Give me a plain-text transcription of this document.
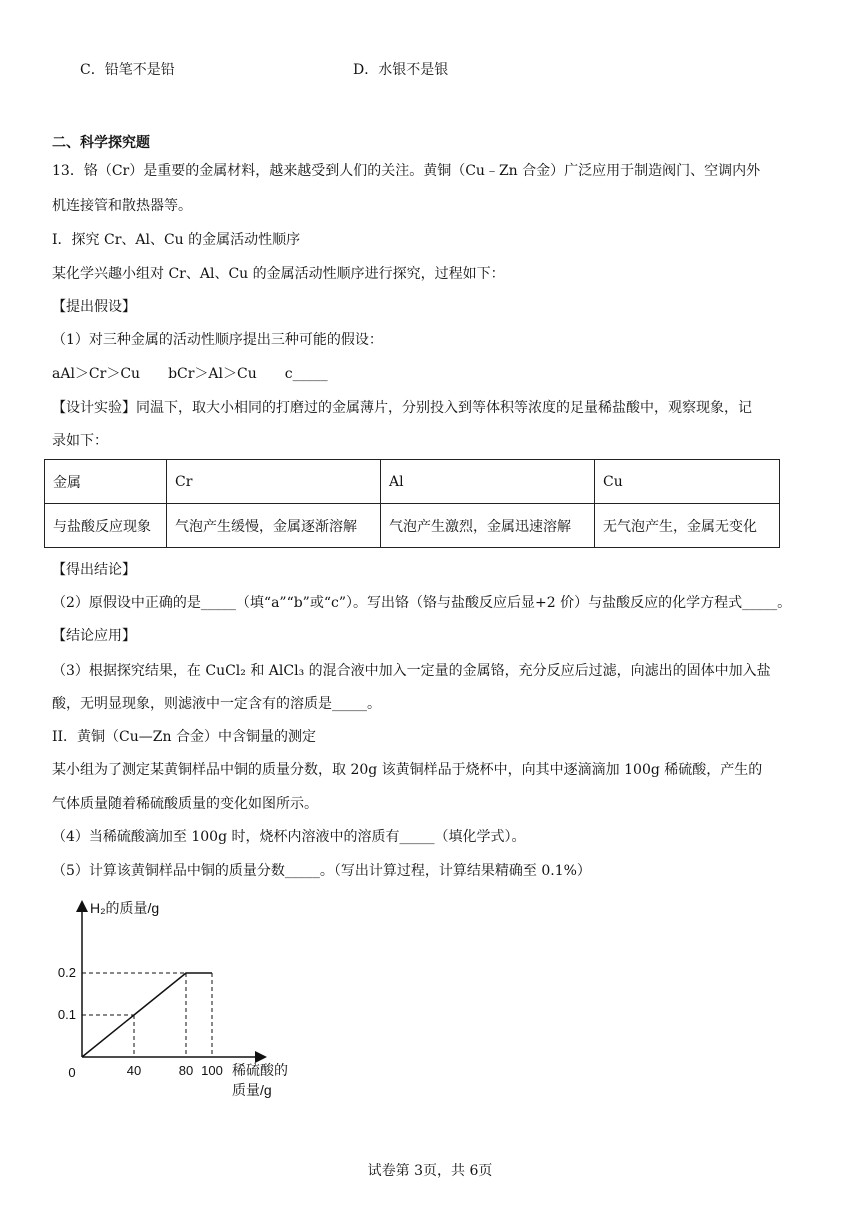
C．铅笔不是铅	D．水银不是银
二、科学探究题
13．铬（Cr）是重要的金属材料，越来越受到人们的关注。黄铜（Cu﹣Zn 合金）广泛应用于制造阀门、空调内外
机连接管和散热器等。
I．探究 Cr、Al、Cu 的金属活动性顺序
某化学兴趣小组对 Cr、Al、Cu 的金属活动性顺序进行探究，过程如下：
【提出假设】
（1）对三种金属的活动性顺序提出三种可能的假设：
aAl＞Cr＞Cu　　bCr＞Al＞Cu　　c_____
【设计实验】同温下，取大小相同的打磨过的金属薄片，分别投入到等体积等浓度的足量稀盐酸中，观察现象，记
录如下：
金属	Cr	Al	Cu
与盐酸反应现象	气泡产生缓慢，金属逐渐溶解	气泡产生激烈，金属迅速溶解	无气泡产生，金属无变化
【得出结论】
（2）原假设中正确的是_____（填“a”“b”或“c”）。写出铬（铬与盐酸反应后显+2 价）与盐酸反应的化学方程式_____。
【结论应用】
（3）根据探究结果，在 CuCl₂ 和 AlCl₃ 的混合液中加入一定量的金属铬，充分反应后过滤，向滤出的固体中加入盐
酸，无明显现象，则滤液中一定含有的溶质是_____。
II．黄铜（Cu—Zn 合金）中含铜量的测定
某小组为了测定某黄铜样品中铜的质量分数，取 20g 该黄铜样品于烧杯中，向其中逐滴滴加 100g 稀硫酸，产生的
气体质量随着稀硫酸质量的变化如图所示。
（4）当稀硫酸滴加至 100g 时，烧杯内溶液中的溶质有_____（填化学式）。
（5）计算该黄铜样品中铜的质量分数_____。（写出计算过程，计算结果精确至 0.1%）
40	80 100
0.1
0.2
0
H₂的质量/g
稀硫酸的
质量/g
试卷第 3页，共 6页
